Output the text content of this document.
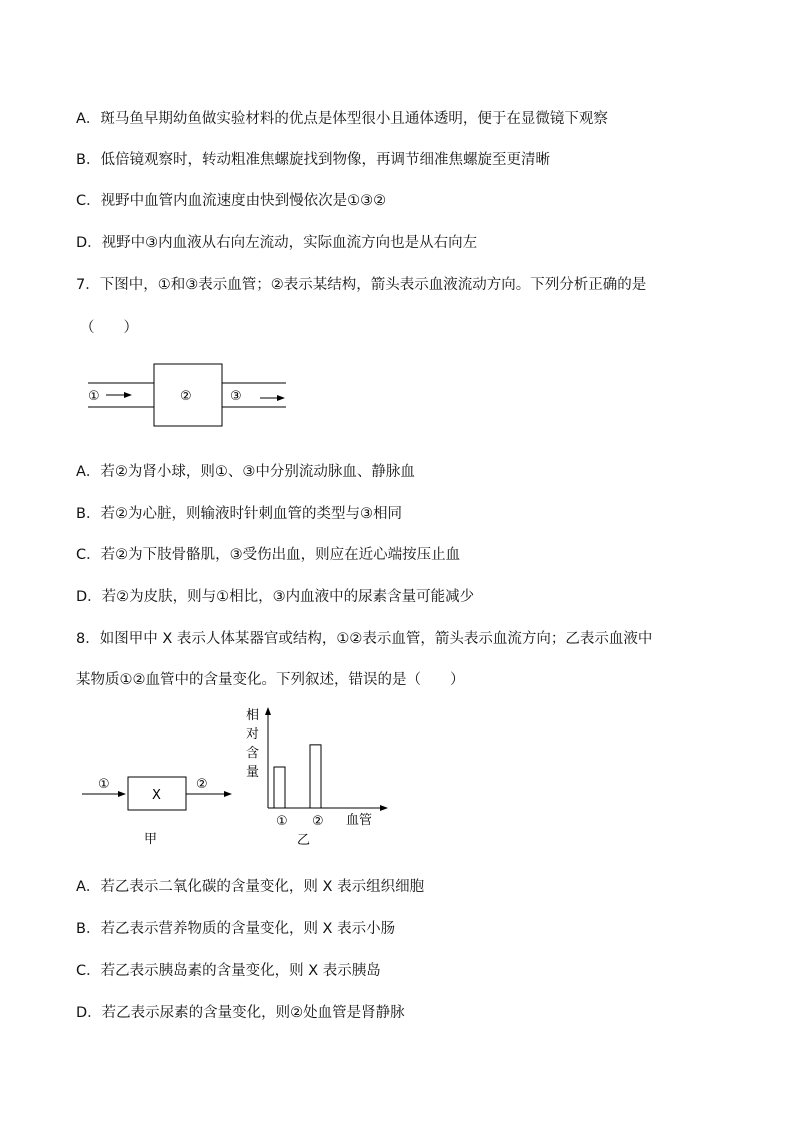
A．斑马鱼早期幼鱼做实验材料的优点是体型很小且通体透明，便于在显微镜下观察
B．低倍镜观察时，转动粗准焦螺旋找到物像，再调节细准焦螺旋至更清晰
C．视野中血管内血流速度由快到慢依次是①③②
D．视野中③内血液从右向左流动，实际血流方向也是从右向左
7．下图中，①和③表示血管；②表示某结构，箭头表示血液流动方向。下列分析正确的是
（　　）
①	②	③
A．若②为肾小球，则①、③中分别流动脉血、静脉血
B．若②为心脏，则输液时针刺血管的类型与③相同
C．若②为下肢骨骼肌，③受伤出血，则应在近心端按压止血
D．若②为皮肤，则与①相比，③内血液中的尿素含量可能减少
8．如图甲中 X 表示人体某器官或结构，①②表示血管，箭头表示血流方向；乙表示血液中
某物质①②血管中的含量变化。下列叙述，错误的是（　　）
①
X
②
甲
相
对
含
量
① ② 血管
乙
A．若乙表示二氧化碳的含量变化，则 X 表示组织细胞
B．若乙表示营养物质的含量变化，则 X 表示小肠
C．若乙表示胰岛素的含量变化，则 X 表示胰岛
D．若乙表示尿素的含量变化，则②处血管是肾静脉
